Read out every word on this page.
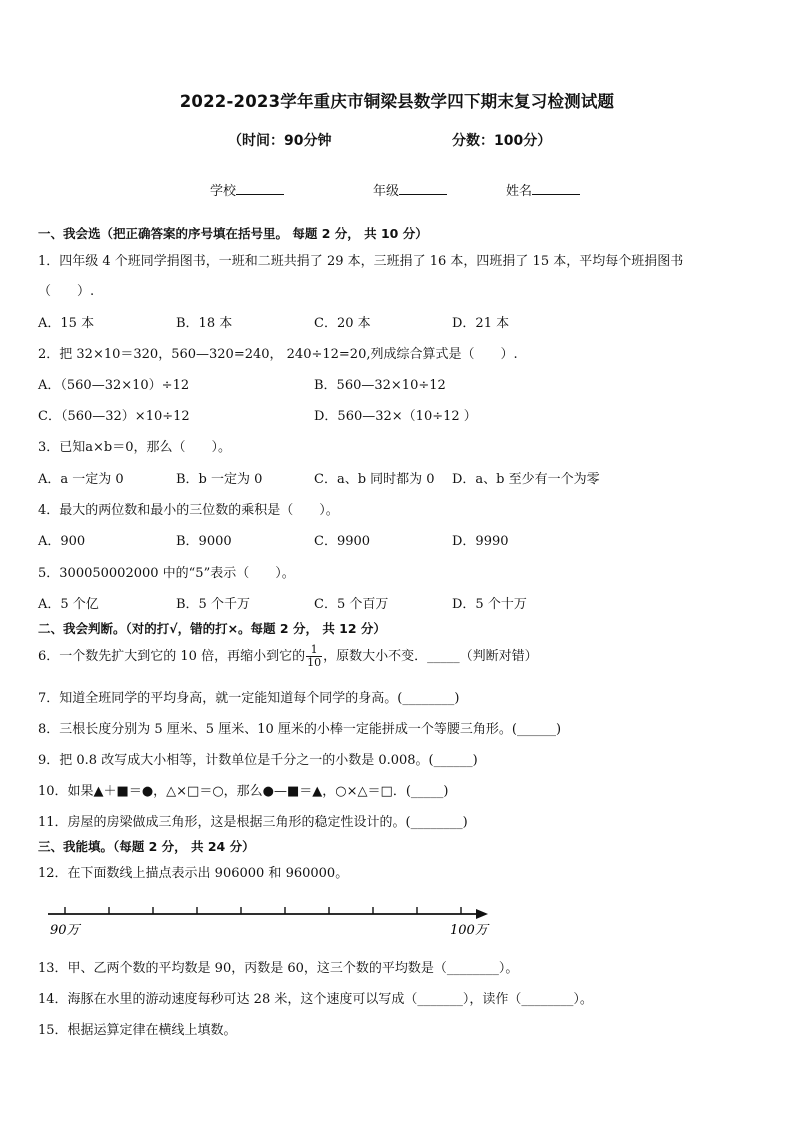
2022-2023学年重庆市铜梁县数学四下期末复习检测试题
（时间：90分钟	分数：100分）
学校	年级	姓名
一、我会选（把正确答案的序号填在括号里。 每题 2 分， 共 10 分）
1．四年级 4 个班同学捐图书，一班和二班共捐了 29 本，三班捐了 16 本，四班捐了 15 本，平均每个班捐图书
（　　）.
A．15 本	B．18 本	C．20 本	D．21 本
2．把 32×10＝320，560—320=240， 240÷12=20,列成综合算式是（　　）.
A．（560—32×10）÷12	B．560—32×10÷12
C．（560—32）×10÷12	D．560—32×（10÷12 ）
3．已知a×b＝0，那么（　　）。
A．a 一定为 0	B．b 一定为 0	C．a、b 同时都为 0 D．a、b 至少有一个为零
4．最大的两位数和最小的三位数的乘积是（　　）。
A．900	B．9000	C．9900	D．9990
5．300050002000 中的“5”表示（　　）。
A．5 个亿	B．5 个千万	C．5 个百万	D．5 个十万
二、我会判断。（对的打√，错的打×。每题 2 分， 共 12 分）
6．一个数先扩大到它的 10 倍，再缩小到它的 $\frac{1}{10}$ ，原数大小不变．_____（判断对错）
7．知道全班同学的平均身高，就一定能知道每个同学的身高。(________)
8．三根长度分别为 5 厘米、5 厘米、10 厘米的小棒一定能拼成一个等腰三角形。(______)
9．把 0.8 改写成大小相等，计数单位是千分之一的小数是 0.008。(______)
10．如果▲＋■＝●，△×□＝○，那么●—■＝▲，○×△＝□．(_____)
11．房屋的房梁做成三角形，这是根据三角形的稳定性设计的。(________)
三、我能填。（每题 2 分， 共 24 分）
12．在下面数线上描点表示出 906000 和 960000。
90万	100万
13．甲、乙两个数的平均数是 90，丙数是 60，这三个数的平均数是（________）。
14．海豚在水里的游动速度每秒可达 28 米，这个速度可以写成（_______），读作（________）。
15．根据运算定律在横线上填数。
